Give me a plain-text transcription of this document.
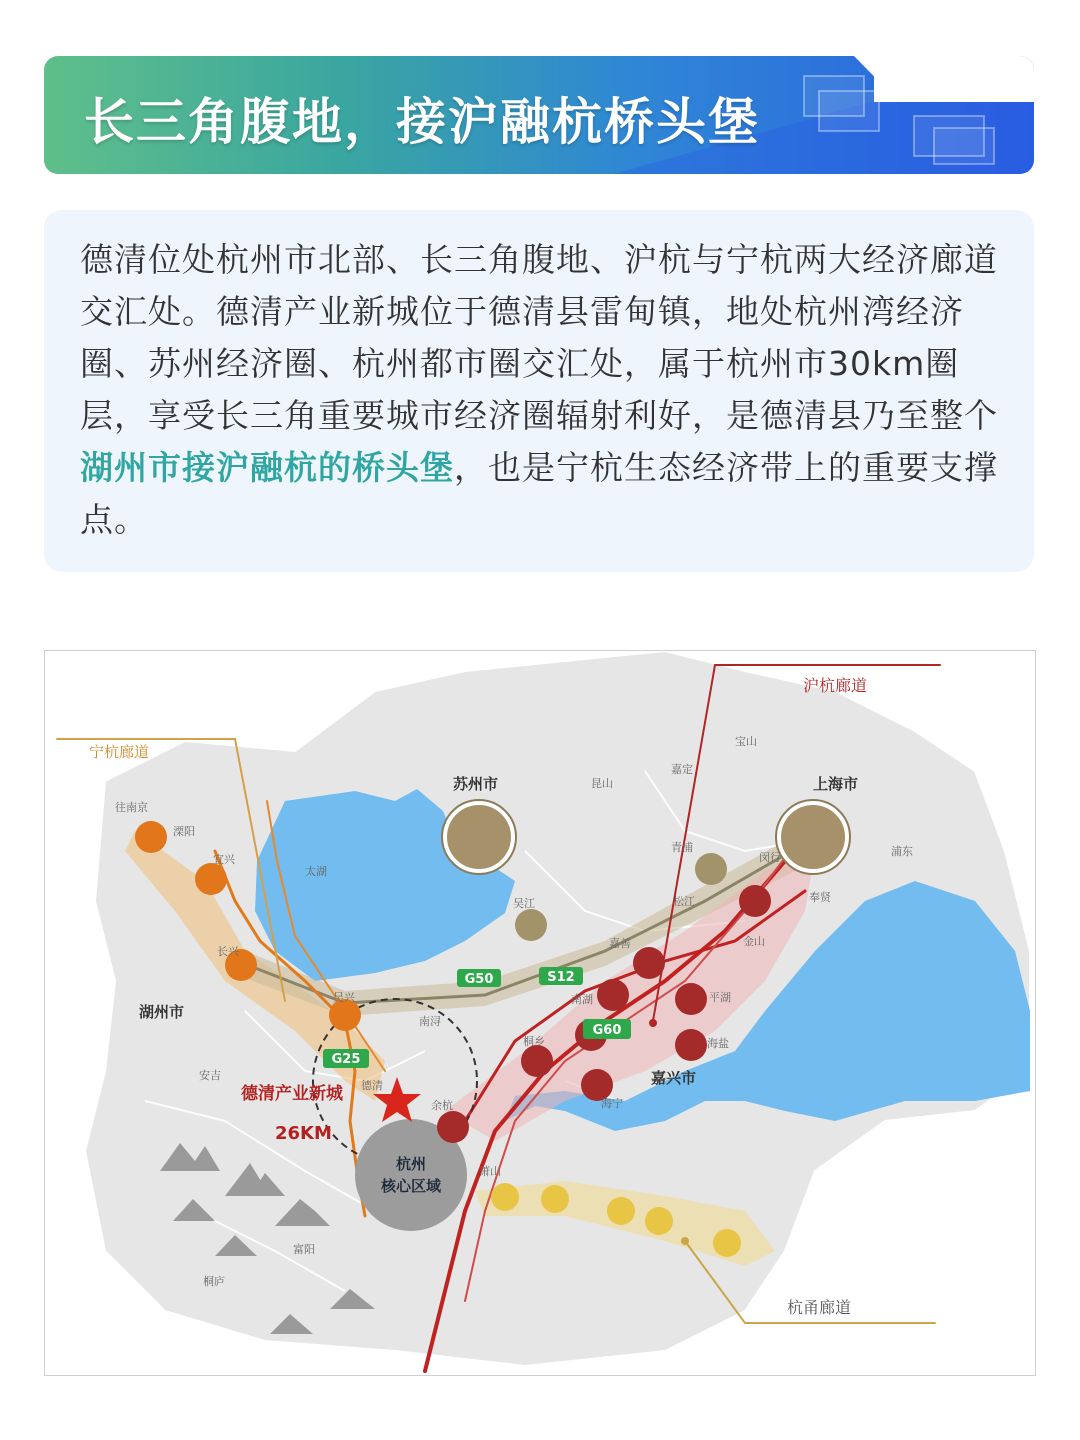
长三角腹地，接沪融杭桥头堡
德清位处杭州市北部、长三角腹地、沪杭与宁杭两大经济廊道交汇处。德清产业新城位于德清县雷甸镇，地处杭州湾经济圈、苏州经济圈、杭州都市圈交汇处，属于杭州市30km圈层，享受长三角重要城市经济圈辐射利好，是德清县乃至整个湖州市接沪融杭的桥头堡，也是宁杭生态经济带上的重要支撑点。
杭州
核心区域
G50	S12
G60
G25
宁杭廊道
沪杭廊道
杭甬廊道
苏州市	上海市
湖州市
嘉兴市
德清产业新城
26KM
往南京
溧阳
宜兴
太湖
长兴
吴兴
南浔
安吉
德清
余杭
萧山
富阳
桐庐
吴江
昆山
嘉定
宝山
青浦
闵行	浦东
松江	奉贤
金山
嘉善
平湖
南湖
桐乡	海盐
海宁
